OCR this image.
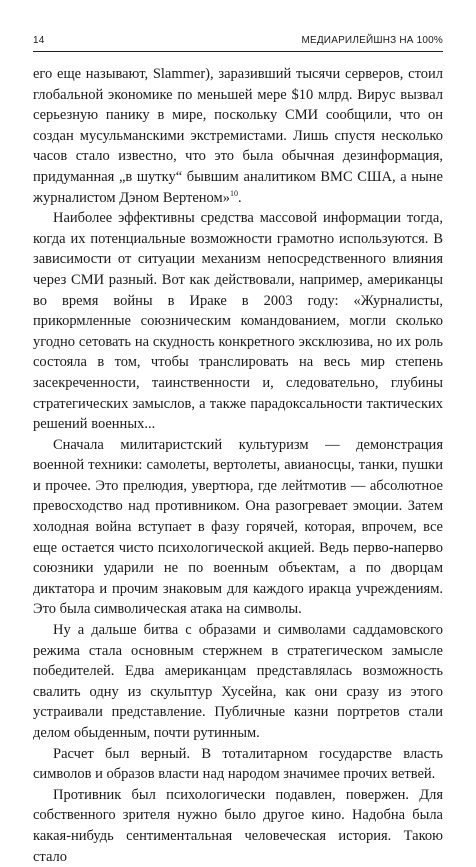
14	МЕДИАРИЛЕЙШНЗ НА 100%

его еще называют, Slammer), заразивший тысячи серверов, стоил глобальной экономике по меньшей мере $10 млрд. Вирус вызвал серьезную панику в мире, поскольку СМИ сообщили, что он создан мусульманскими экстремистами. Лишь спустя несколько часов стало известно, что это была обычная дезинформация, придуманная „в шутку“ бывшим аналитиком ВМС США, а ныне журналистом Дэном Вертеном»$^{10}$.

Наиболее эффективны средства массовой информации тогда, когда их потенциальные возможности грамотно используются. В зависимости от ситуации механизм непосредственного влияния через СМИ разный. Вот как действовали, например, американцы во время войны в Ираке в 2003 году: «Журналисты, прикормленные союзническим командованием, могли сколько угодно сетовать на скудность конкретного эксклюзива, но их роль состояла в том, чтобы транслировать на весь мир степень засекреченности, таинственности и, следовательно, глубины стратегических замыслов, а также парадоксальности тактических решений военных...

Сначала милитаристский культуризм — демонстрация военной техники: самолеты, вертолеты, авианосцы, танки, пушки и прочее. Это прелюдия, увертюра, где лейтмотив — абсолютное превосходство над противником. Она разогревает эмоции. Затем холодная война вступает в фазу горячей, которая, впрочем, все еще остается чисто психологической акцией. Ведь перво-наперво союзники ударили не по военным объектам, а по дворцам диктатора и прочим знаковым для каждого иракца учреждениям. Это была символическая атака на символы.

Ну а дальше битва с образами и символами саддамовского режима стала основным стержнем в стратегическом замысле победителей. Едва американцам представлялась возможность свалить одну из скульптур Хусейна, как они сразу из этого устраивали представление. Публичные казни портретов стали делом обыденным, почти рутинным.

Расчет был верный. В тоталитарном государстве власть символов и образов власти над народом значимее прочих ветвей.

Противник был психологически подавлен, повержен. Для собственного зрителя нужно было другое кино. Надобна была какая-нибудь сентиментальная человеческая история. Такою стало
